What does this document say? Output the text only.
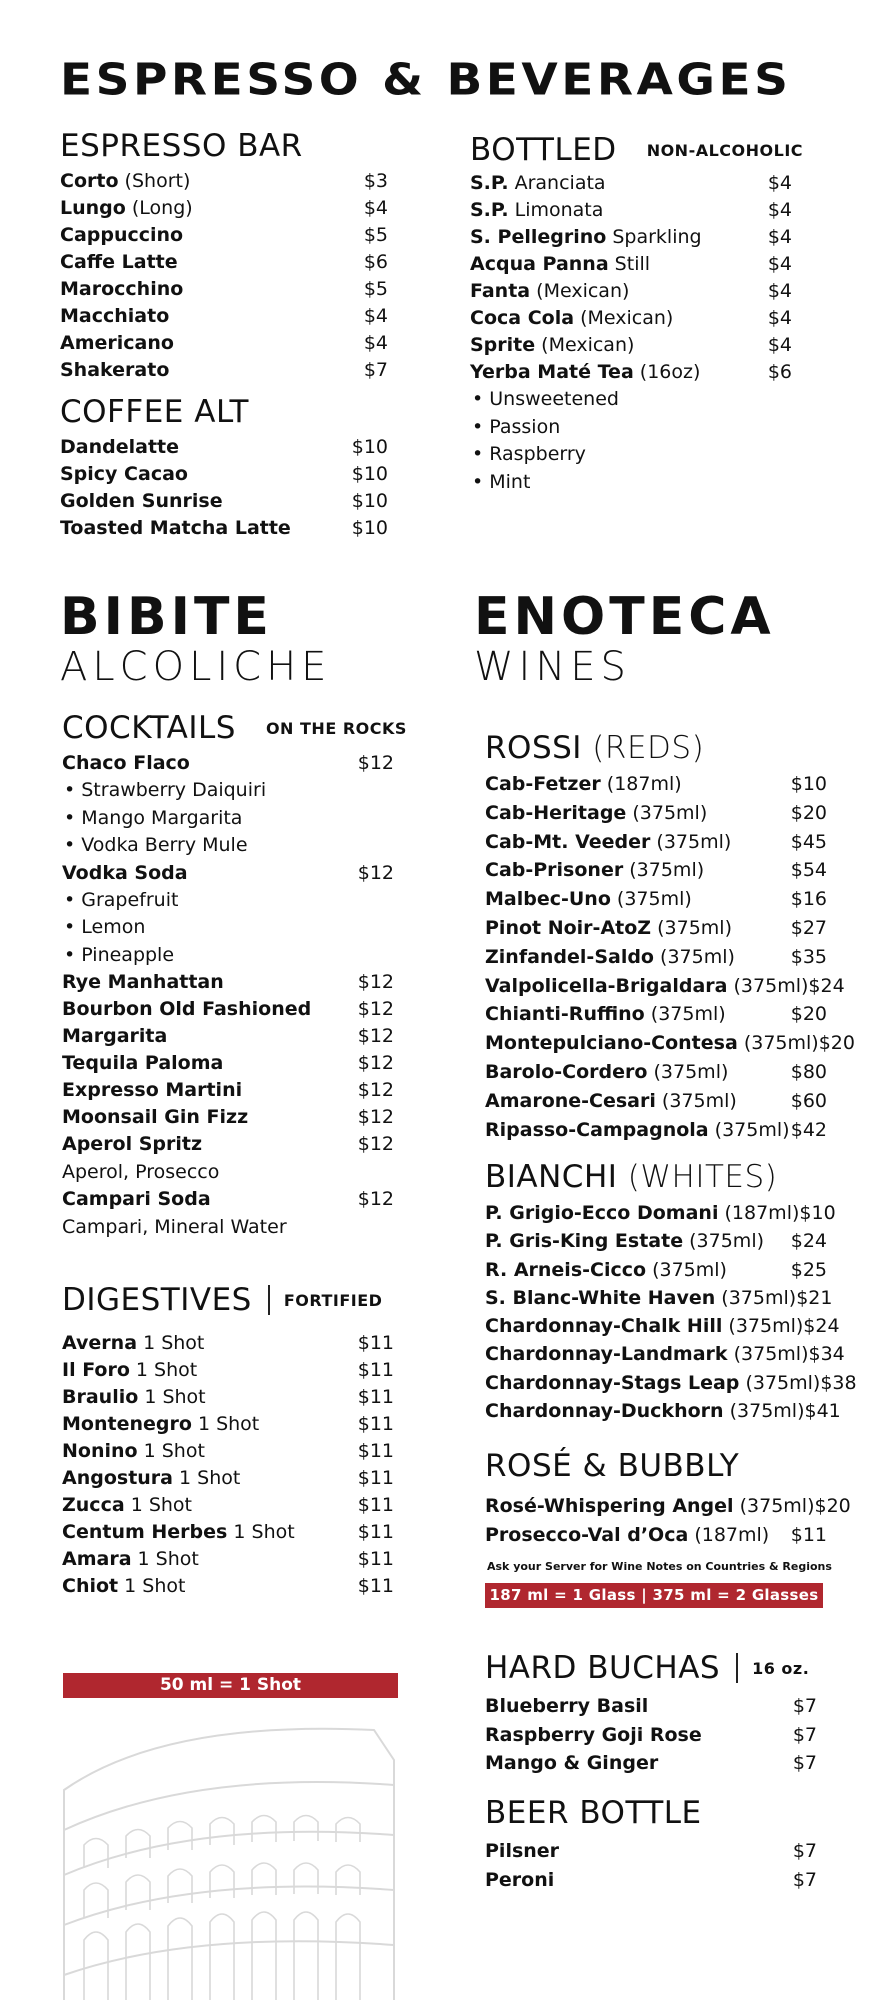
ESPRESSO & BEVERAGES
ESPRESSO BAR
Corto (Short)	$3
Lungo (Long)	$4
Cappuccino	$5
Caffe Latte	$6
Marocchino	$5
Macchiato	$4
Americano	$4
Shakerato	$7
COFFEE ALT
Dandelatte	$10
Spicy Cacao	$10
Golden Sunrise	$10
Toasted Matcha Latte	$10
BOTTLED NON-ALCOHOLIC
S.P. Aranciata	$4
S.P. Limonata	$4
S. Pellegrino Sparkling	$4
Acqua Panna Still	$4
Fanta (Mexican)	$4
Coca Cola (Mexican)	$4
Sprite (Mexican)	$4
Yerba Maté Tea (16oz)	$6
• Unsweetened
• Passion
• Raspberry
• Mint
BIBITE
ALCOLICHE
ENOTECA
WINES
COCKTAILS ON THE ROCKS
Chaco Flaco	$12
• Strawberry Daiquiri
• Mango Margarita
• Vodka Berry Mule
Vodka Soda	$12
• Grapefruit
• Lemon
• Pineapple
Rye Manhattan	$12
Bourbon Old Fashioned $12
Margarita	$12
Tequila Paloma	$12
Expresso Martini	$12
Moonsail Gin Fizz	$12
Aperol Spritz	$12
Aperol, Prosecco
Campari Soda	$12
Campari, Mineral Water
DIGESTIVES FORTIFIED
Averna 1 Shot	$11
Il Foro 1 Shot	$11
Braulio 1 Shot	$11
Montenegro 1 Shot	$11
Nonino 1 Shot	$11
Angostura 1 Shot	$11
Zucca 1 Shot	$11
Centum Herbes 1 Shot	$11
Amara 1 Shot	$11
Chiot 1 Shot	$11
50 ml = 1 Shot
ROSSI (REDS)
Cab-Fetzer (187ml)	$10
Cab-Heritage (375ml)	$20
Cab-Mt. Veeder (375ml)	$45
Cab-Prisoner (375ml)	$54
Malbec-Uno (375ml)	$16
Pinot Noir-AtoZ (375ml)	$27
Zinfandel-Saldo (375ml)	$35
Valpolicella-Brigaldara (375ml) $24
Chianti-Ruffino (375ml)	$20
Montepulciano-Contesa (375ml) $20
Barolo-Cordero (375ml)	$80
Amarone-Cesari (375ml)	$60
Ripasso-Campagnola (375ml) $42
BIANCHI (WHITES)
P. Grigio-Ecco Domani (187ml) $10
P. Gris-King Estate (375ml) $24
R. Arneis-Cicco (375ml)	$25
S. Blanc-White Haven (375ml) $21
Chardonnay-Chalk Hill (375ml) $24
Chardonnay-Landmark (375ml) $34
Chardonnay-Stags Leap (375ml) $38
Chardonnay-Duckhorn (375ml) $41
ROSÉ & BUBBLY
Rosé-Whispering Angel (375ml) $20
Prosecco-Val d’Oca (187ml) $11
Ask your Server for Wine Notes on Countries & Regions
187 ml = 1 Glass | 375 ml = 2 Glasses
HARD BUCHAS 16 oz.
Blueberry Basil	$7
Raspberry Goji Rose	$7
Mango & Ginger	$7
BEER BOTTLE
Pilsner	$7
Peroni	$7
